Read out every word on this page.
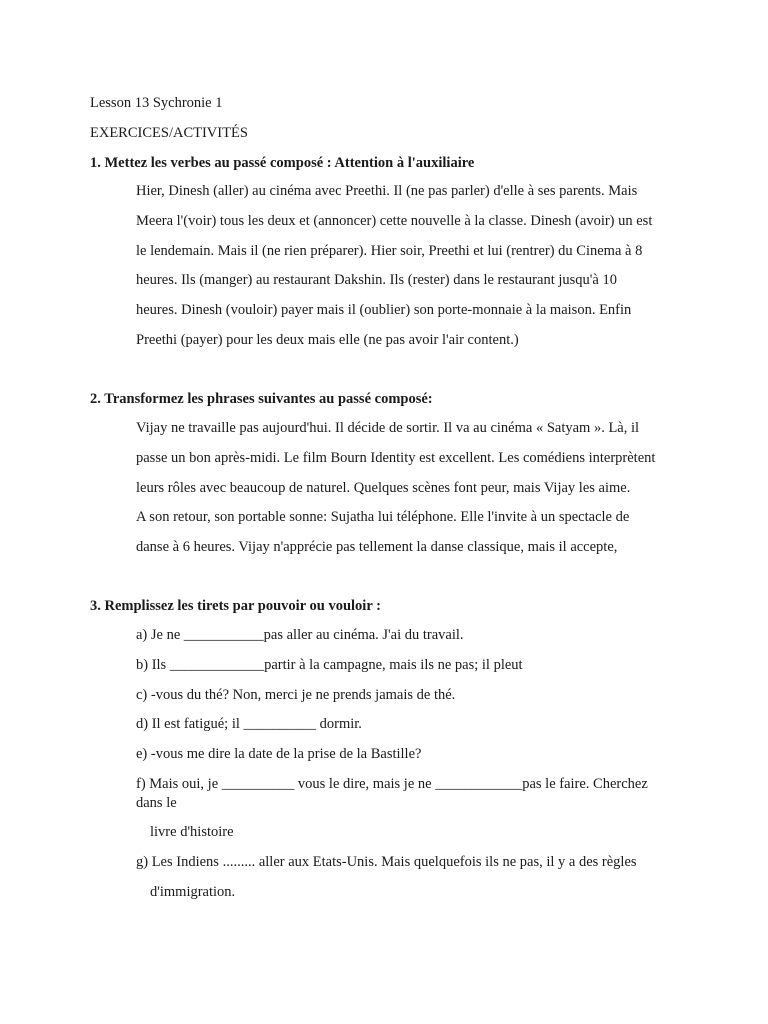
Lesson 13 Sychronie 1
EXERCICES/ACTIVITÉS
1. Mettez les verbes au passé composé : Attention à l'auxiliaire
Hier, Dinesh (aller) au cinéma avec Preethi. Il (ne pas parler) d'elle à ses parents. Mais
Meera l'(voir) tous les deux et (annoncer) cette nouvelle à la classe. Dinesh (avoir) un est
le lendemain. Mais il (ne rien préparer). Hier soir, Preethi et lui (rentrer) du Cinema à 8
heures. Ils (manger) au restaurant Dakshin. Ils (rester) dans le restaurant jusqu'à 10
heures. Dinesh (vouloir) payer mais il (oublier) son porte-monnaie à la maison. Enfin
Preethi (payer) pour les deux mais elle (ne pas avoir l'air content.)
2. Transformez les phrases suivantes au passé composé:
Vijay ne travaille pas aujourd'hui. Il décide de sortir. Il va au cinéma « Satyam ». Là, il
passe un bon après-midi. Le film Bourn Identity est excellent. Les comédiens interprètent
leurs rôles avec beaucoup de naturel. Quelques scènes font peur, mais Vijay les aime.
A son retour, son portable sonne: Sujatha lui téléphone. Elle l'invite à un spectacle de
danse à 6 heures. Vijay n'apprécie pas tellement la danse classique, mais il accepte,
3. Remplissez les tirets par pouvoir ou vouloir :
a) Je ne ___________pas aller au cinéma. J'ai du travail.
b) Ils _____________partir à la campagne, mais ils ne pas; il pleut
c) -vous du thé? Non, merci je ne prends jamais de thé.
d) Il est fatigué; il __________ dormir.
e) -vous me dire la date de la prise de la Bastille?
f) Mais oui, je __________ vous le dire, mais je ne ____________pas le faire. Cherchez
dans le
livre d'histoire
g) Les Indiens ......... aller aux Etats-Unis. Mais quelquefois ils ne pas, il y a des règles
d'immigration.
